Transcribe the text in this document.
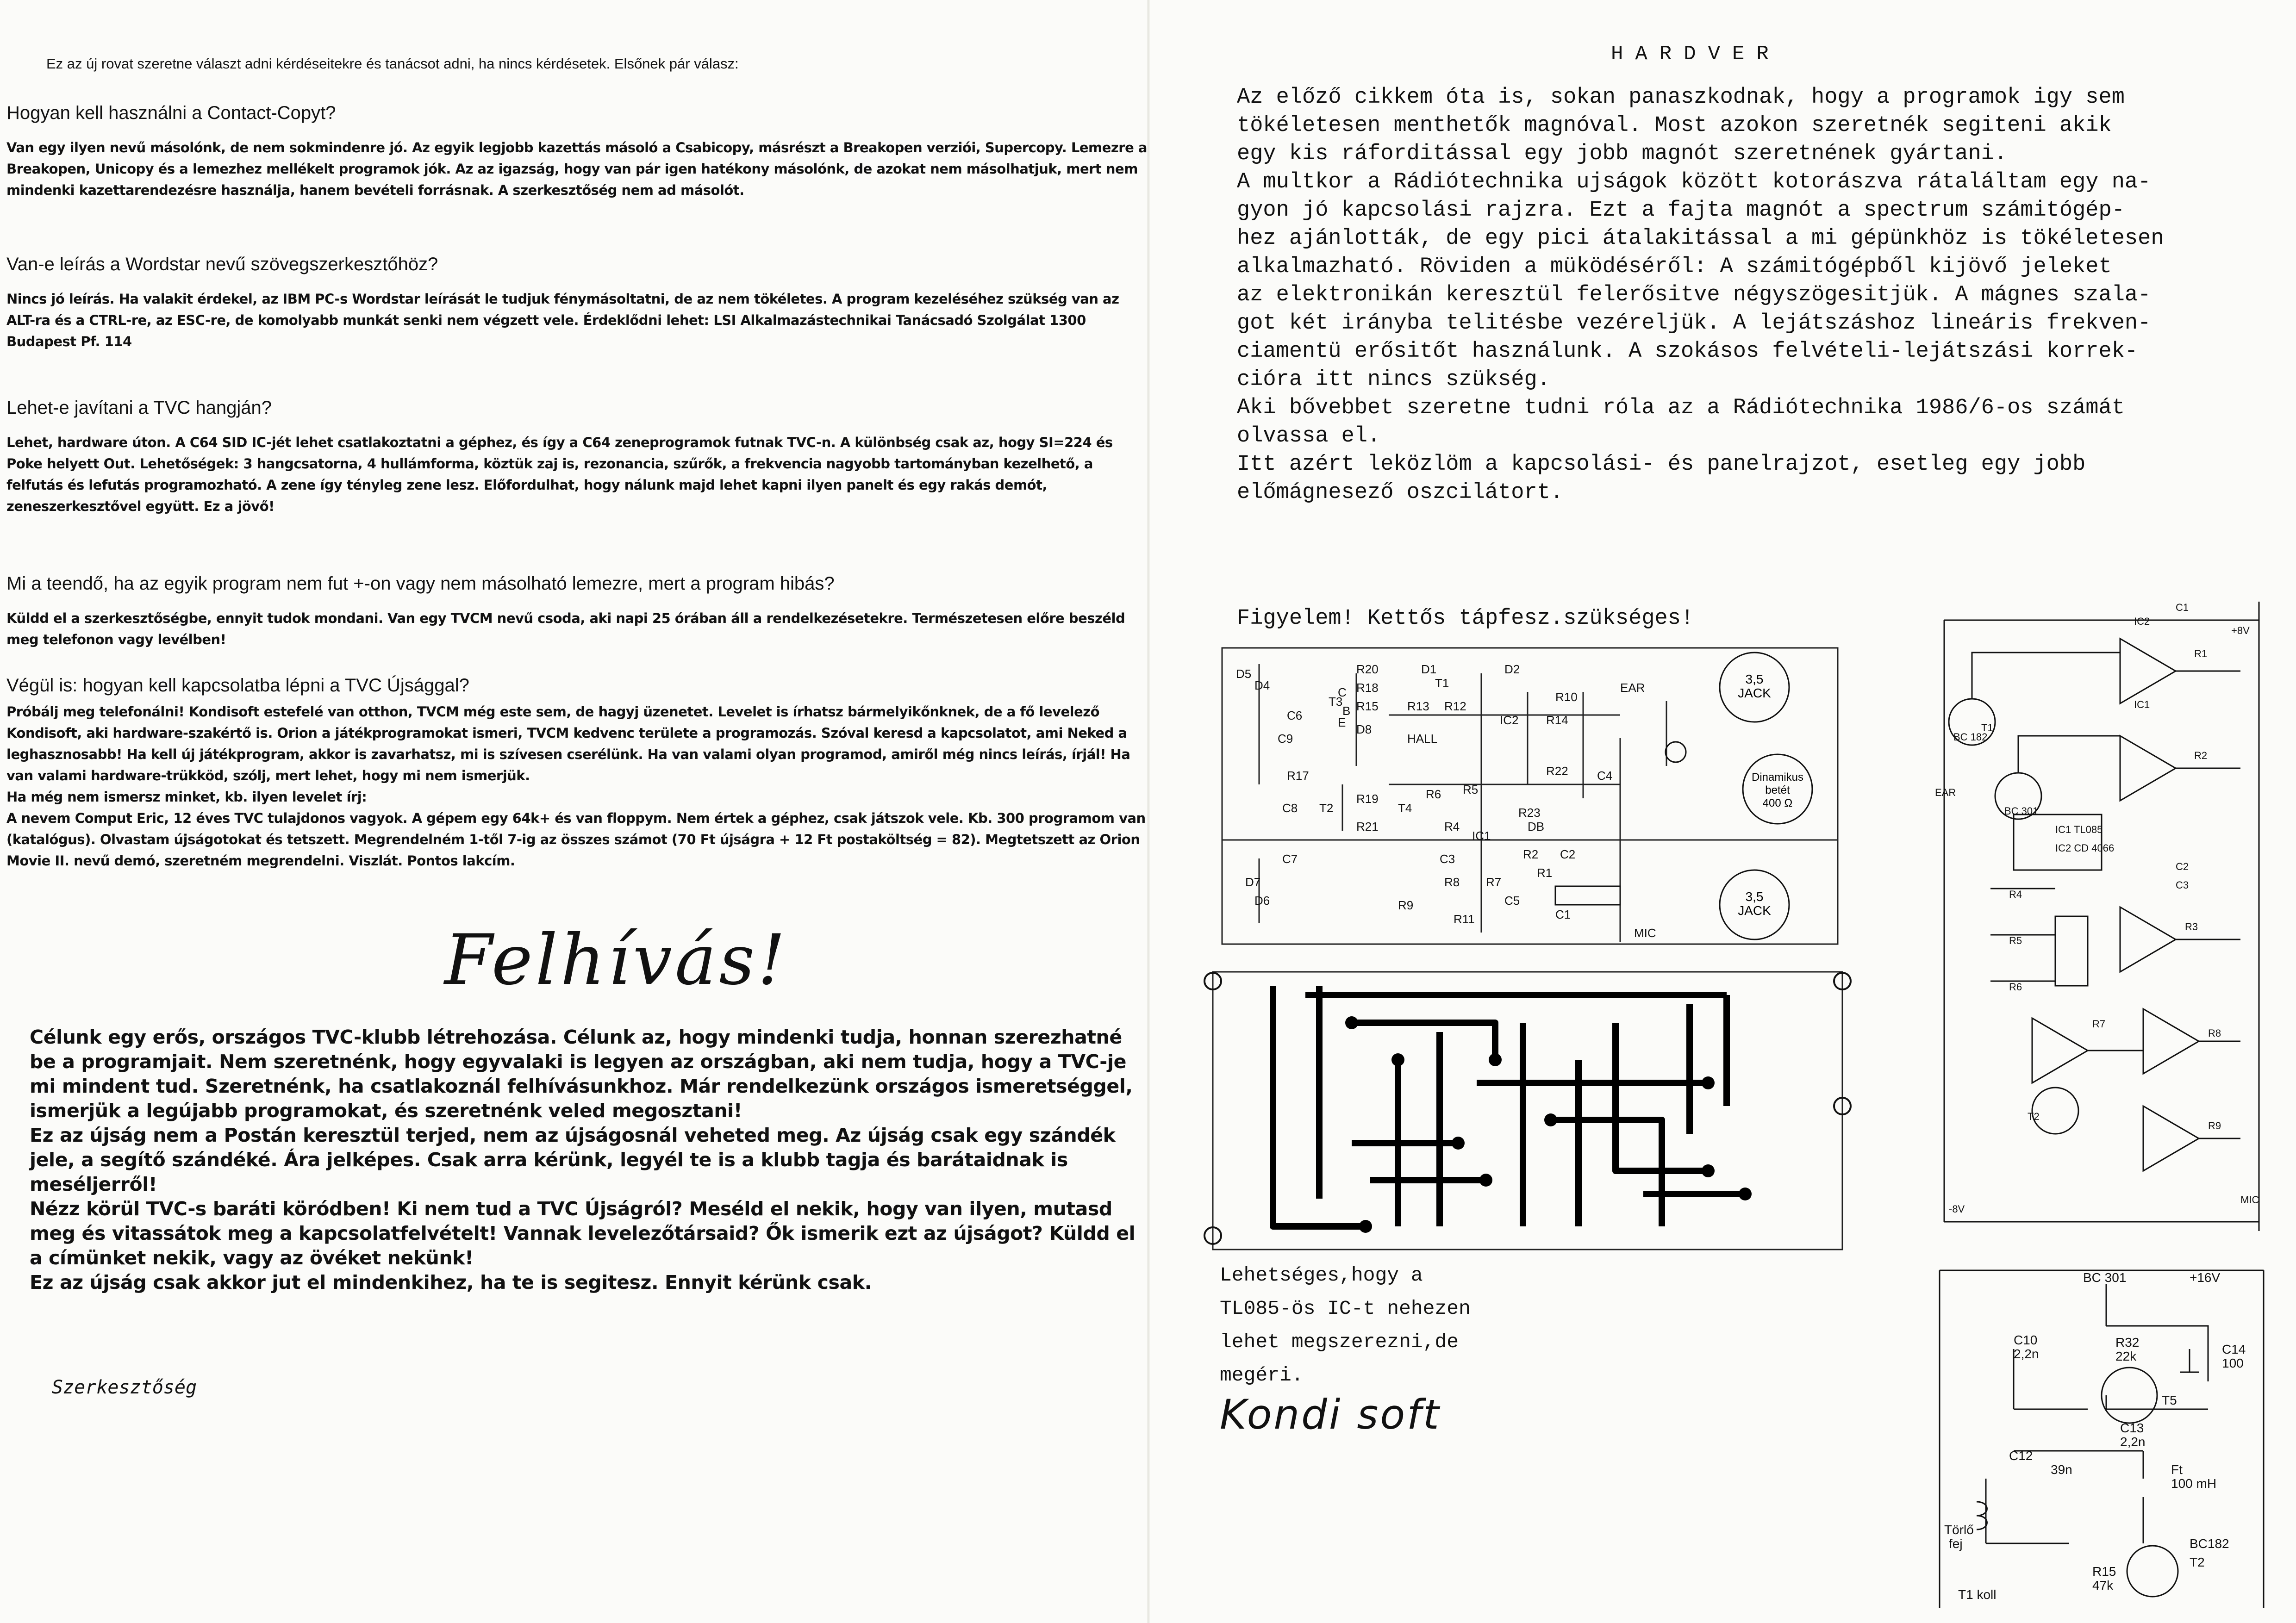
Ez az új rovat szeretne választ adni kérdéseitekre és tanácsot adni, ha nincs kérdésetek. Elsőnek pár válasz:
Hogyan kell használni a Contact-Copyt?

Van egy ilyen nevű másolónk, de nem sokmindenre jó. Az egyik legjobb kazettás másoló a Csabicopy, másrészt a Breakopen verziói, Supercopy. Lemezre a Breakopen, Unicopy és a lemezhez mellékelt programok jók. Az az igazság, hogy van pár igen hatékony másolónk, de azokat nem másolhatjuk, mert nem mindenki kazettarendezésre használja, hanem bevételi forrásnak. A szerkesztőség nem ad másolót.

Van-e leírás a Wordstar nevű szövegszerkesztőhöz?

Nincs jó leírás. Ha valakit érdekel, az IBM PC-s Wordstar leírását le tudjuk fénymásoltatni, de az nem tökéletes. A program kezeléséhez szükség van az ALT-ra és a CTRL-re, az ESC-re, de komolyabb munkát senki nem végzett vele. Érdeklődni lehet: LSI Alkalmazástechnikai Tanácsadó Szolgálat 1300 Budapest Pf. 114

Lehet-e javítani a TVC hangján?

Lehet, hardware úton. A C64 SID IC-jét lehet csatlakoztatni a géphez, és így a C64 zeneprogramok futnak TVC-n. A különbség csak az, hogy SI=224 és Poke helyett Out. Lehetőségek: 3 hangcsatorna, 4 hullámforma, köztük zaj is, rezonancia, szűrők, a frekvencia nagyobb tartományban kezelhető, a felfutás és lefutás programozható. A zene így tényleg zene lesz. Előfordulhat, hogy nálunk majd lehet kapni ilyen panelt és egy rakás demót, zeneszerkesztővel együtt. Ez a jövő!

Mi a teendő, ha az egyik program nem fut +-on vagy nem másolható lemezre, mert a program hibás?

Küldd el a szerkesztőségbe, ennyit tudok mondani. Van egy TVCM nevű csoda, aki napi 25 órában áll a rendelkezésetekre. Természetesen előre beszéld meg telefonon vagy levélben!

Végül is: hogyan kell kapcsolatba lépni a TVC Újsággal?

Próbálj meg telefonálni! Kondisoft estefelé van otthon, TVCM még este sem, de hagyj üzenetet. Levelet is írhatsz bármelyikőnknek, de a fő levelező Kondisoft, aki hardware-szakértő is. Orion a játékprogramokat ismeri, TVCM kedvenc területe a programozás. Szóval keresd a kapcsolatot, ami Neked a leghasznosabb! Ha kell új játékprogram, akkor is zavarhatsz, mi is szívesen cserélünk. Ha van valami olyan programod, amiről még nincs leírás, írjál! Ha van valami hardware-trükköd, szólj, mert lehet, hogy mi nem ismerjük.

Ha még nem ismersz minket, kb. ilyen levelet írj:

A nevem Comput Eric, 12 éves TVC tulajdonos vagyok. A gépem egy 64k+ és van floppym. Nem értek a géphez, csak játszok vele. Kb. 300 programom van (katalógus). Olvastam újságotokat és tetszett. Megrendelném 1-től 7-ig az összes számot (70 Ft újságra + 12 Ft postaköltség = 82). Megtetszett az Orion Movie II. nevű demó, szeretném megrendelni. Viszlát. Pontos lakcím.

Felhívás!

Célunk egy erős, országos TVC-klubb létrehozása. Célunk az, hogy mindenki tudja, honnan szerezhatné be a programjait. Nem szeretnénk, hogy egyvalaki is legyen az országban, aki nem tudja, hogy a TVC-je mi mindent tud. Szeretnénk, ha csatlakoznál felhívásunkhoz. Már rendelkezünk országos ismeretséggel, ismerjük a legújabb programokat, és szeretnénk veled megosztani!

Ez az újság nem a Postán keresztül terjed, nem az újságosnál veheted meg. Az újság csak egy szándék jele, a segítő szándéké. Ára jelképes. Csak arra kérünk, legyél te is a klubb tagja és barátaidnak is meséljerről!

Nézz körül TVC-s baráti köródben! Ki nem tud a TVC Újságról? Meséld el nekik, hogy van ilyen, mutasd meg és vitassátok meg a kapcsolatfelvételt! Vannak levelezőtársaid? Ők ismerik ezt az újságot? Küldd el a címünket nekik, vagy az övéket nekünk!

Ez az újság csak akkor jut el mindenkihez, ha te is segitesz. Ennyit kérünk csak.

Szerkesztőség
HARDVER

Az előző cikkem óta is, sokan panaszkodnak, hogy a programok igy sem

tökéletesen menthetők magnóval. Most azokon szeretnék segiteni akik

egy kis ráforditással egy jobb magnót szeretnének gyártani.

A multkor a Rádiótechnika ujságok között kotorászva rátaláltam egy na-

gyon jó kapcsolási rajzra. Ezt a fajta magnót a spectrum számitógép-

hez ajánlották, de egy pici átalakitással a mi gépünkhöz is tökéletesen

alkalmazható. Röviden a müködéséről: A számitógépből kijövő jeleket

az elektronikán keresztül felerősitve négyszögesitjük. A mágnes szala-

got két irányba telitésbe vezéreljük. A lejátszáshoz lineáris frekven-

ciamentü erősitőt használunk. A szokásos felvételi-lejátszási korrek-

cióra itt nincs szükség.

Aki bővebbet szeretne tudni róla az a Rádiótechnika 1986/6-os számát

olvassa el.

Itt azért leközlöm a kapcsolási- és panelrajzot, esetleg egy jobb

előmágnesező oszcilátort.

Figyelem! Kettős tápfesz.szükséges!
D5
D4
C6
C9
R17
C8
C7
D7
D6
R20
R18
R15
D8
T3
C
B
E
T2
R19
R21
T4
D1
T1
D2
R13 R12
HALL
R10
IC2 R14
R22 C4
R6 R5
R23
R4
IC1
DB
R2 C2
R1
C3
R8 R7
C5
C1
R9
R11
MIC
EAR
3,5
JACK
Dinamikus
betét
400 Ω
3,5
JACK
IC2
IC1
IC1 TL085
IC2 CD 4066
BC 182
BC 301
+8V
-8V
R1
R2
R3
R4
R5
R6
R7
R8
R9
C1
C2
C3
T1
T2
EAR
MIC
BC 301	+16V
R32
22k
C10
2,2n
C13
2,2n
C14
100
T5
C12
39n	Ft
100 mH
Törlő
fej	BC182
T2
T1 koll
R15
47k

Lehetséges,hogy a

TL085-ös IC-t nehezen

lehet megszerezni,de

megéri.

Kondi soft
